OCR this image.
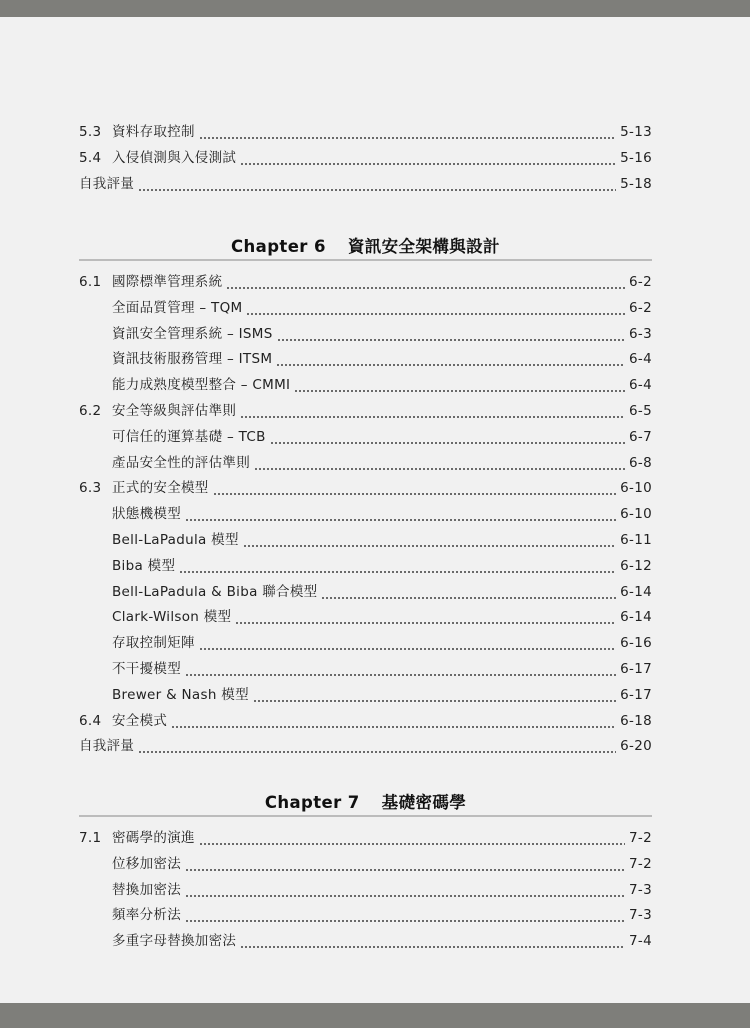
5.3 資料存取控制	5-13
5.4 入侵偵測與入侵測試	5-16
自我評量	5-18
Chapter 6 資訊安全架構與設計
6.1 國際標準管理系統	6-2
全面品質管理 – TQM	6-2
資訊安全管理系統 – ISMS	6-3
資訊技術服務管理 – ITSM	6-4
能力成熟度模型整合 – CMMI	6-4
6.2 安全等級與評估準則	6-5
可信任的運算基礎 – TCB	6-7
產品安全性的評估準則	6-8
6.3 正式的安全模型	6-10
狀態機模型	6-10
Bell-LaPadula 模型	6-11
Biba 模型	6-12
Bell-LaPadula & Biba 聯合模型	6-14
Clark-Wilson 模型	6-14
存取控制矩陣	6-16
不干擾模型	6-17
Brewer & Nash 模型	6-17
6.4 安全模式	6-18
自我評量	6-20
Chapter 7 基礎密碼學
7.1 密碼學的演進	7-2
位移加密法	7-2
替換加密法	7-3
頻率分析法	7-3
多重字母替換加密法	7-4
